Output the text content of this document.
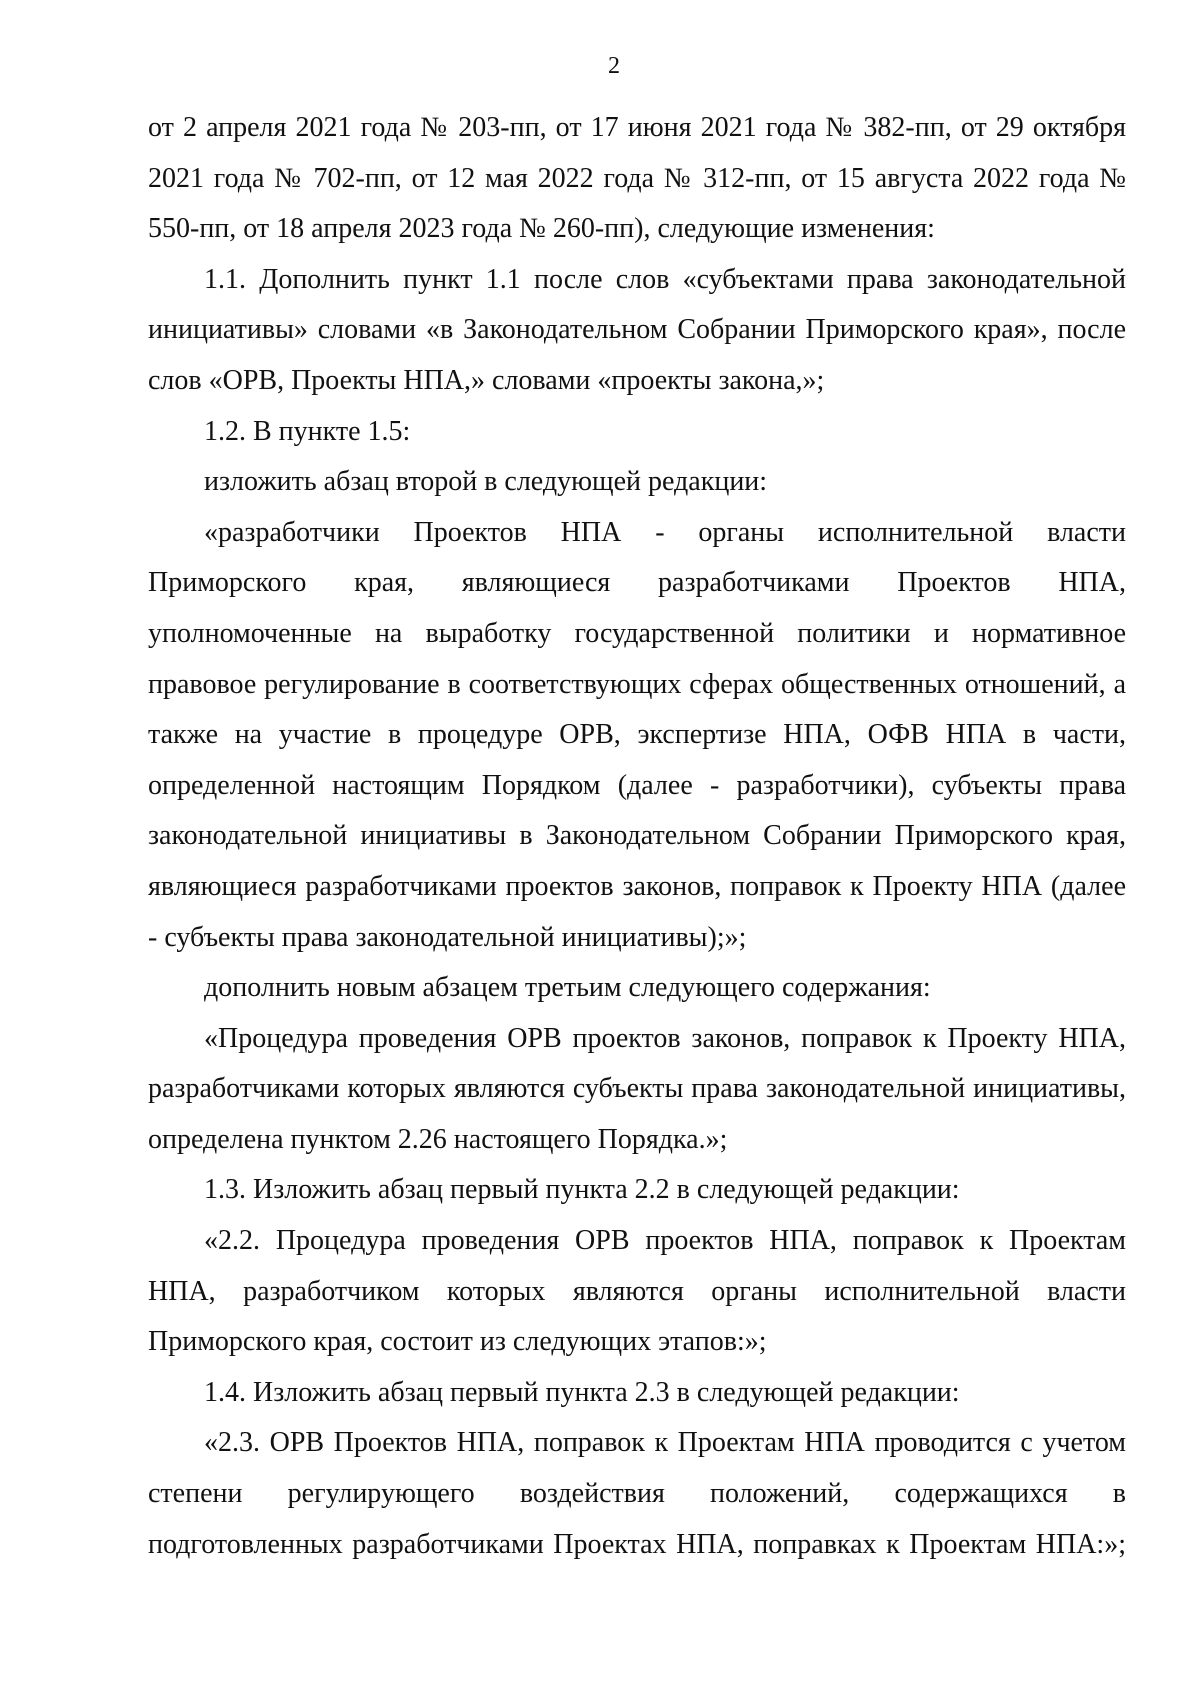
2

от 2 апреля 2021 года № 203-пп, от 17 июня 2021 года № 382-пп, от 29 октября 2021 года № 702-пп, от 12 мая 2022 года № 312-пп, от 15 августа 2022 года № 550-пп, от 18 апреля 2023 года № 260-пп), следующие изменения:

1.1. Дополнить пункт 1.1 после слов «субъектами права законодательной инициативы» словами «в Законодательном Собрании Приморского края», после слов «ОРВ, Проекты НПА,» словами «проекты закона,»;

1.2. В пункте 1.5:

изложить абзац второй в следующей редакции:

«разработчики Проектов НПА - органы исполнительной власти Приморского края, являющиеся разработчиками Проектов НПА, уполномоченные на выработку государственной политики и нормативное правовое регулирование в соответствующих сферах общественных отношений, а также на участие в процедуре ОРВ, экспертизе НПА, ОФВ НПА в части, определенной настоящим Порядком (далее - разработчики), субъекты права законодательной инициативы в Законодательном Собрании Приморского края, являющиеся разработчиками проектов законов, поправок к Проекту НПА (далее - субъекты права законодательной инициативы);»;

дополнить новым абзацем третьим следующего содержания:

«Процедура проведения ОРВ проектов законов, поправок к Проекту НПА, разработчиками которых являются субъекты права законодательной инициативы, определена пунктом 2.26 настоящего Порядка.»;

1.3. Изложить абзац первый пункта 2.2 в следующей редакции:

«2.2. Процедура проведения ОРВ проектов НПА, поправок к Проектам НПА, разработчиком которых являются органы исполнительной власти Приморского края, состоит из следующих этапов:»;

1.4. Изложить абзац первый пункта 2.3 в следующей редакции:

«2.3. ОРВ Проектов НПА, поправок к Проектам НПА проводится с учетом степени регулирующего воздействия положений, содержащихся в подготовленных разработчиками Проектах НПА, поправках к Проектам НПА:»;
